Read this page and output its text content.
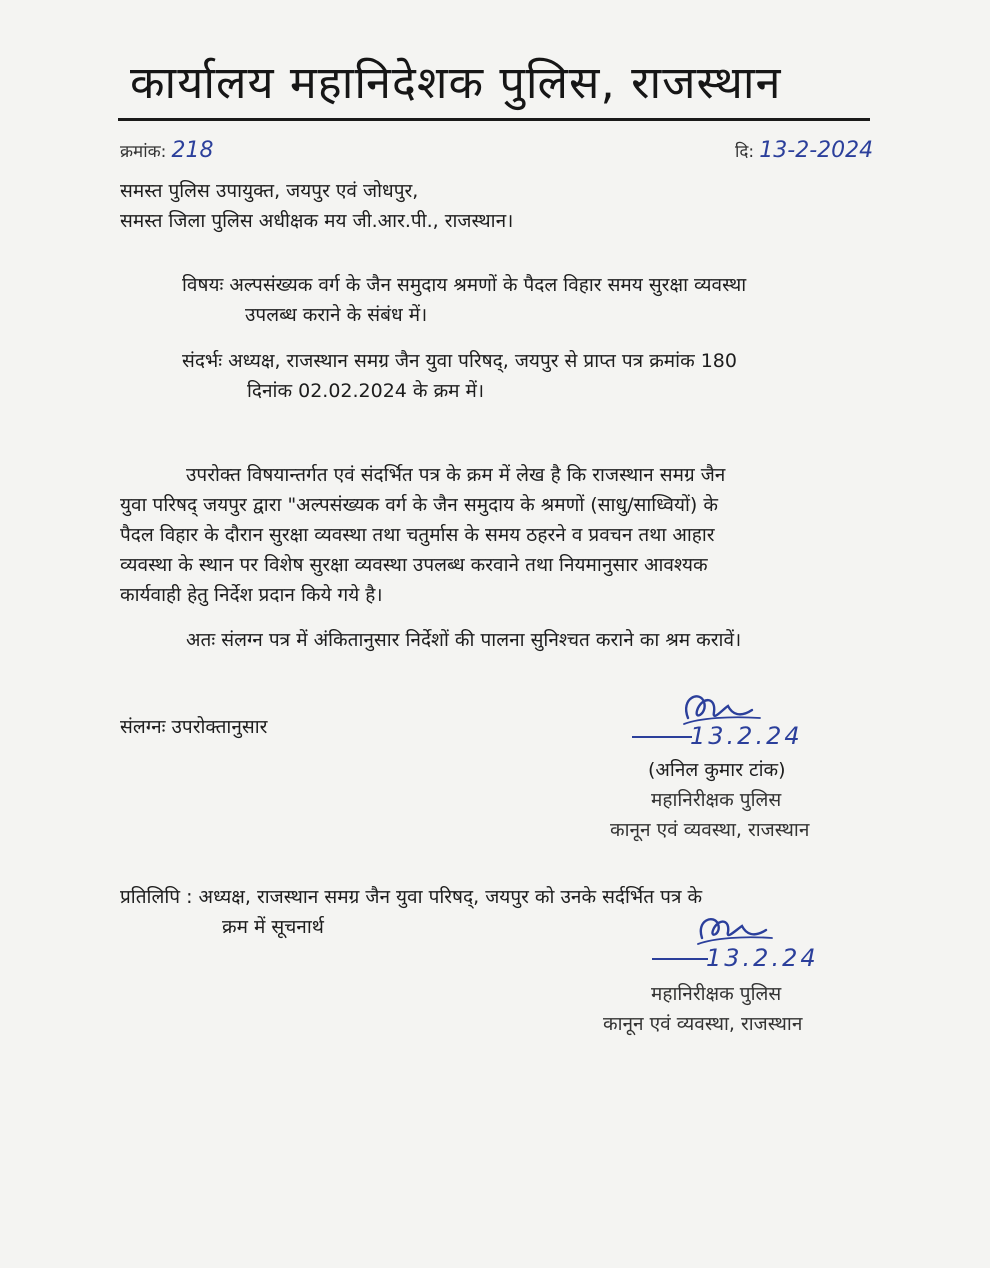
कार्यालय महानिदेशक पुलिस, राजस्थान
क्रमांक: 218	दि: 13-2-2024
समस्त पुलिस उपायुक्त, जयपुर एवं जोधपुर,
समस्त जिला पुलिस अधीक्षक मय जी.आर.पी., राजस्थान।
विषयः अल्पसंख्यक वर्ग के जैन समुदाय श्रमणों के पैदल विहार समय सुरक्षा व्यवस्था
उपलब्ध कराने के संबंध में।
संदर्भः अध्यक्ष, राजस्थान समग्र जैन युवा परिषद्, जयपुर से प्राप्त पत्र क्रमांक 180
दिनांक 02.02.2024 के क्रम में।
उपरोक्त विषयान्तर्गत एवं संदर्भित पत्र के क्रम में लेख है कि राजस्थान समग्र जैन
युवा परिषद् जयपुर द्वारा "अल्पसंख्यक वर्ग के जैन समुदाय के श्रमणों (साधु/साध्वियों) के
पैदल विहार के दौरान सुरक्षा व्यवस्था तथा चतुर्मास के समय ठहरने व प्रवचन तथा आहार
व्यवस्था के स्थान पर विशेष सुरक्षा व्यवस्था उपलब्ध करवाने तथा नियमानुसार आवश्यक
कार्यवाही हेतु निर्देश प्रदान किये गये है।
अतः संलग्न पत्र में अंकितानुसार निर्देशों की पालना सुनिश्चत कराने का श्रम करावें।
संलग्नः उपरोक्तानुसार	13.2.24
(अनिल कुमार टांक)
महानिरीक्षक पुलिस
कानून एवं व्यवस्था, राजस्थान
प्रतिलिपि : अध्यक्ष, राजस्थान समग्र जैन युवा परिषद्, जयपुर को उनके सर्दर्भित पत्र के
क्रम में सूचनार्थ
13.2.24
महानिरीक्षक पुलिस
कानून एवं व्यवस्था, राजस्थान
